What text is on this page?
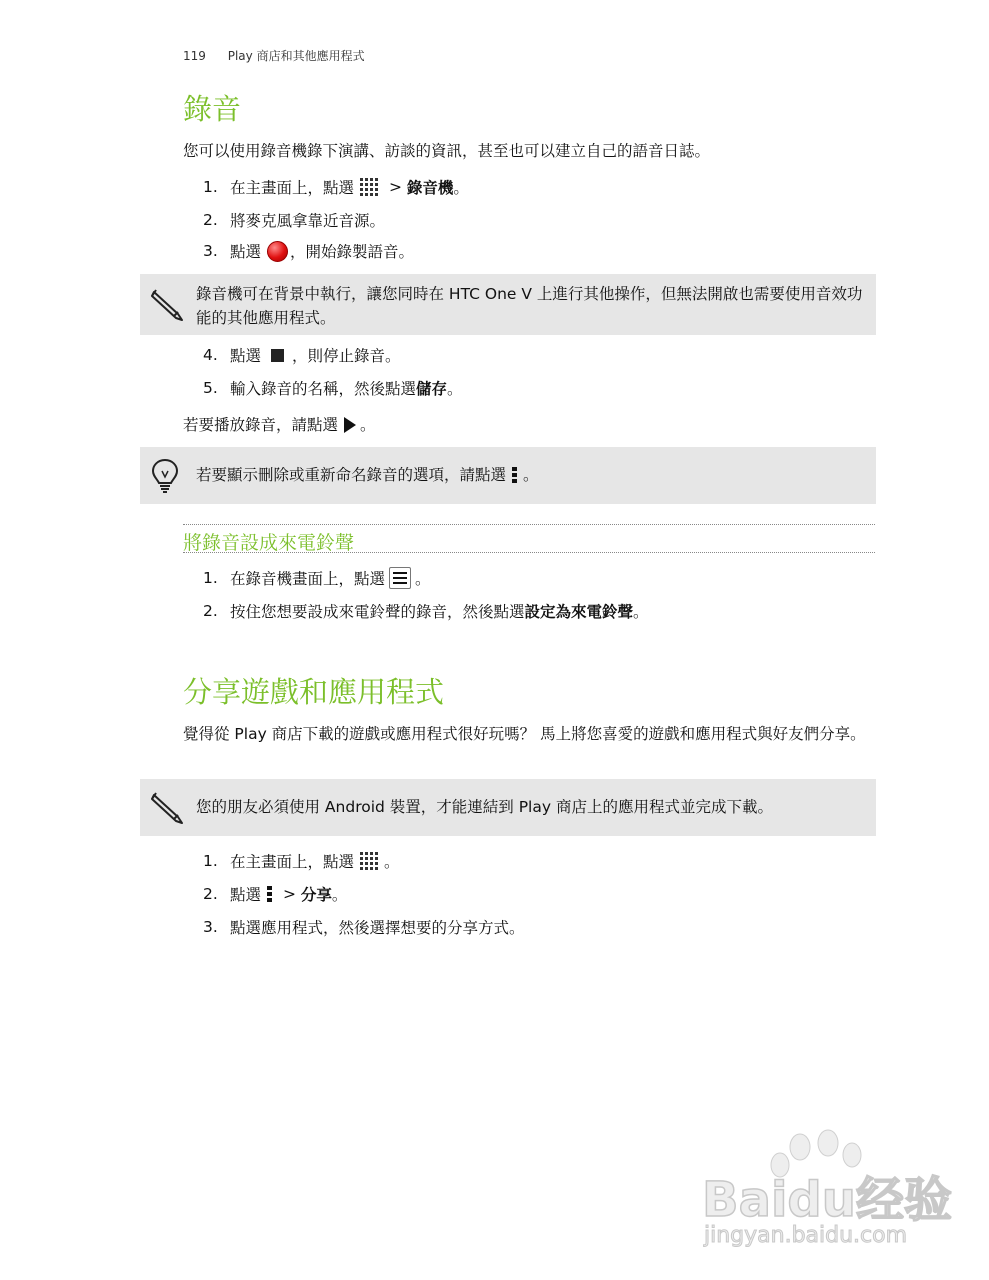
119 Play 商店和其他應用程式
錄音
您可以使用錄音機錄下演講、訪談的資訊，甚至也可以建立自己的語音日誌。
1. 在主畫面上，點選 > 錄音機 。
2. 將麥克風拿靠近音源。
3. 點選 ，開始錄製語音。
錄音機可在背景中執行，讓您同時在 HTC One V 上進行其他操作，但無法開啟也需要使用音效功能的其他應用程式。
4. 點選 ，則停止錄音。
5. 輸入錄音的名稱，然後點選 儲存 。
若要播放錄音，請點選 。
若要顯示刪除或重新命名錄音的選項，請點選 。
將錄音設成來電鈴聲
1. 在錄音機畫面上，點選 。
2. 按住您想要設成來電鈴聲的錄音，然後點選 設定為來電鈴聲 。
分享遊戲和應用程式
覺得從 Play 商店下載的遊戲或應用程式很好玩嗎？ 馬上將您喜愛的遊戲和應用程式與好友們分享。
您的朋友必須使用 Android 裝置，才能連結到 Play 商店上的應用程式並完成下載。
1. 在主畫面上，點選 。
2. 點選 > 分享 。
3. 點選應用程式，然後選擇想要的分享方式。
Baidu经验
jingyan.baidu.com
